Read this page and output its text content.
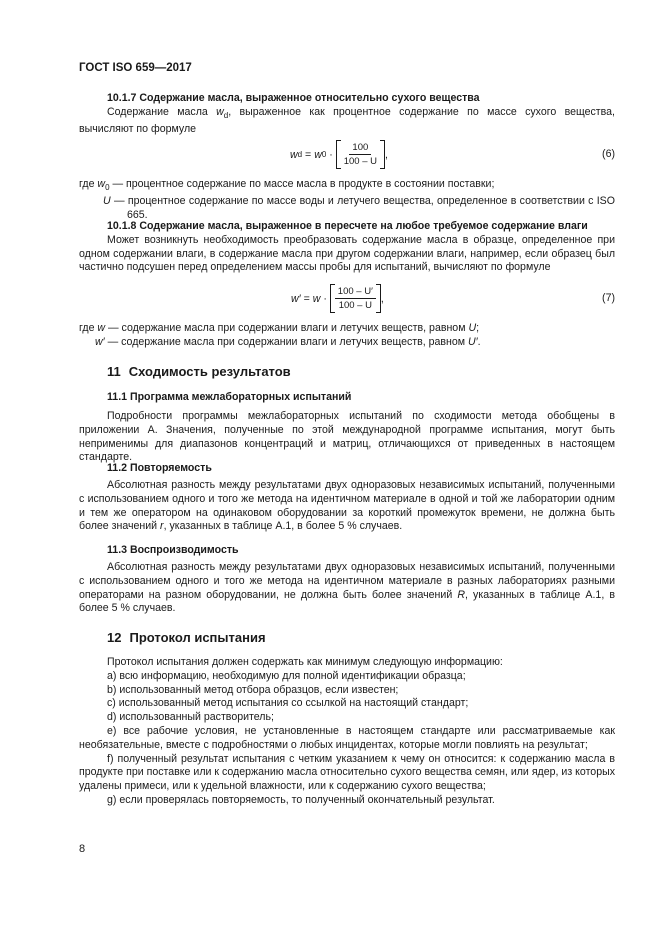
ГОСТ ISO 659—2017

10.1.7 Содержание масла, выраженное относительно сухого вещества

Содержание масла $w_d$, выраженное как процентное содержание по массе сухого вещества, вычисляют по формуле

w d = w $0 \cdot \frac{100}{100 - U}$ ,	(6)
где $w_0$ — процентное содержание по массе масла в продукте в состоянии поставки;
U — процентное содержание по массе воды и летучего вещества, определенное в соответствии с ISO 665.

10.1.8 Содержание масла, выраженное в пересчете на любое требуемое содержание влаги

Может возникнуть необходимость преобразовать содержание масла в образце, определенное при одном содержании влаги, в содержание масла при другом содержании влаги, например, если образец был частично подсушен перед определением массы пробы для испытаний, вычисляют по формуле

$w' = w \cdot \frac{100 - U'}{100 - U}$ ,	(7)
где w — содержание масла при содержании влаги и летучих веществ, равном U;
w′ — содержание масла при содержании влаги и летучих веществ, равном U′.
11 Сходимость результатов
11.1 Программа межлабораторных испытаний

Подробности программы межлабораторных испытаний по сходимости метода обобщены в приложении А. Значения, полученные по этой международной программе испытания, могут быть неприменимы для диапазонов концентраций и матриц, отличающихся от приведенных в настоящем стандарте.

11.2 Повторяемость

Абсолютная разность между результатами двух одноразовых независимых испытаний, полученными с использованием одного и того же метода на идентичном материале в одной и той же лаборатории одним и тем же оператором на одинаковом оборудовании за короткий промежуток времени, не должна быть более значений r, указанных в таблице А.1, в более 5 % случаев.

11.3 Воспроизводимость

Абсолютная разность между результатами двух одноразовых независимых испытаний, полученными с использованием одного и того же метода на идентичном материале в разных лабораториях разными операторами на разном оборудовании, не должна быть более значений R, указанных в таблице А.1, в более 5 % случаев.

12 Протокол испытания

Протокол испытания должен содержать как минимум следующую информацию:

a) всю информацию, необходимую для полной идентификации образца;

b) использованный метод отбора образцов, если известен;

c) использованный метод испытания со ссылкой на настоящий стандарт;

d) использованный растворитель;

e) все рабочие условия, не установленные в настоящем стандарте или рассматриваемые как необязательные, вместе с подробностями о любых инцидентах, которые могли повлиять на результат;

f) полученный результат испытания с четким указанием к чему он относится: к содержанию масла в продукте при поставке или к содержанию масла относительно сухого вещества семян, или ядер, из которых удалены примеси, или к удельной влажности, или к содержанию сухого вещества;

g) если проверялась повторяемость, то полученный окончательный результат.

8
